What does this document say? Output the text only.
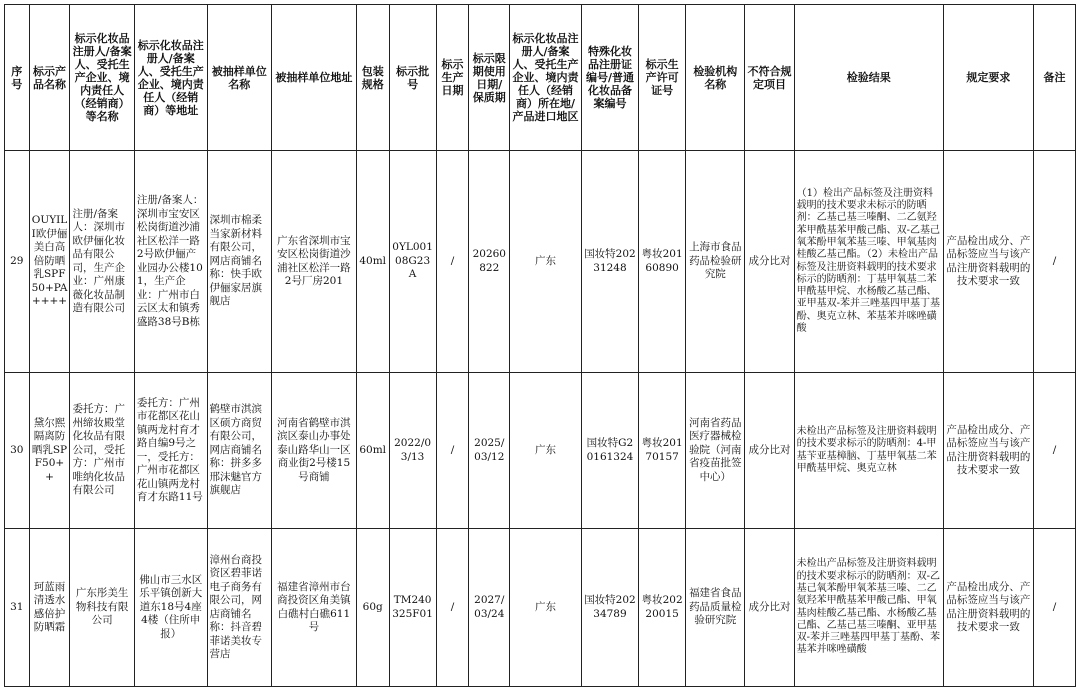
序号	标示产品名称	标示化妆品注册人/备案人、受托生产企业、境内责任人（经销商）等名称	标示化妆品注册人/备案人、受托生产企业、境内责任人（经销商）等地址	被抽样单位名称	被抽样单位地址	包装规格	标示批号	标示生产日期	标示限期使用日期/保质期	标示化妆品注册人/备案人、受托生产企业、境内责任人（经销商）所在地/产品进口地区	特殊化妆品注册证编号/普通化妆品备案编号	标示生产许可证号	检验机构名称	不符合规定项目	检验结果	规定要求	备注
29	OUYILI欧伊俪美白高倍防晒乳SPF50+PA++++	注册/备案人：深圳市欧伊俪化妆品有限公司，生产企业：广州康薇化妆品制造有限公司	注册/备案人：深圳市宝安区松岗街道沙浦社区松洋一路2号欧伊俪产业园办公楼101，生产企业：广州市白云区太和镇秀盛路38号B栋	深圳市棉柔当家新材料有限公司，网店商铺名称：快手欧伊俪家居旗舰店	广东省深圳市宝安区松岗街道沙浦社区松洋一路2号厂房201	40ml	0YL00108G23A	/	20260822	广东	国妆特20231248	粤妆20160890	上海市食品药品检验研究院	成分比对	（1）检出产品标签及注册资料载明的技术要求未标示的防晒剂：乙基己基三嗪酮、二乙氨羟苯甲酰基苯甲酸己酯、双-乙基己氧苯酚甲氧苯基三嗪、甲氧基肉桂酸乙基己酯。（2）未检出产品标签及注册资料载明的技术要求标示的防晒剂：丁基甲氧基二苯甲酰基甲烷、水杨酸乙基己酯、亚甲基双-苯并三唑基四甲基丁基酚、奥克立林、苯基苯并咪唑磺酸	产品检出成分、产品标签应当与该产品注册资料载明的技术要求一致	/
30	黛尔熙隔离防晒乳SPF50++	委托方：广州缔妆殿堂化妆品有限公司，受托方：广州市唯纳化妆品有限公司	委托方：广州市花都区花山镇两龙村育才路自编9号之一，受托方：广州市花都区花山镇两龙村育才东路11号	鹤壁市淇滨区硕方商贸有限公司，网店商铺名称：拼多多邢沫魅官方旗舰店	河南省鹤壁市淇滨区泰山办事处泰山路华山一区商业街2号楼15号商铺	60ml	2022/03/13	/	2025/03/12	广东	国妆特G20161324	粤妆20170157	河南省药品医疗器械检验院（河南省疫苗批签中心）	成分比对	未检出产品标签及注册资料载明的技术要求标示的防晒剂：4-甲基苄亚基樟脑、丁基甲氧基二苯甲酰基甲烷、奥克立林	产品检出成分、产品标签应当与该产品注册资料载明的技术要求一致	/
31	珂蓝雨清透水感倍护防晒霜	广东彤美生物科技有限公司	佛山市三水区乐平镇创新大道东18号4座4楼（住所申报）	漳州台商投资区碧菲诺电子商务有限公司，网店商铺名称：抖音碧菲诺美妆专营店	福建省漳州市台商投资区角美镇白礁村白礁611号	60g	TM240325F01	/	2027/03/24	广东	国妆特20234789	粤妆20220015	福建省食品药品质量检验研究院	成分比对	未检出产品标签及注册资料载明的技术要求标示的防晒剂：双-乙基己氧苯酚甲氧苯基三嗪、二乙氨羟苯甲酰基苯甲酸己酯、甲氧基肉桂酸乙基己酯、水杨酸乙基己酯、乙基己基三嗪酮、亚甲基双-苯并三唑基四甲基丁基酚、苯基苯并咪唑磺酸	产品检出成分、产品标签应当与该产品注册资料载明的技术要求一致	/
